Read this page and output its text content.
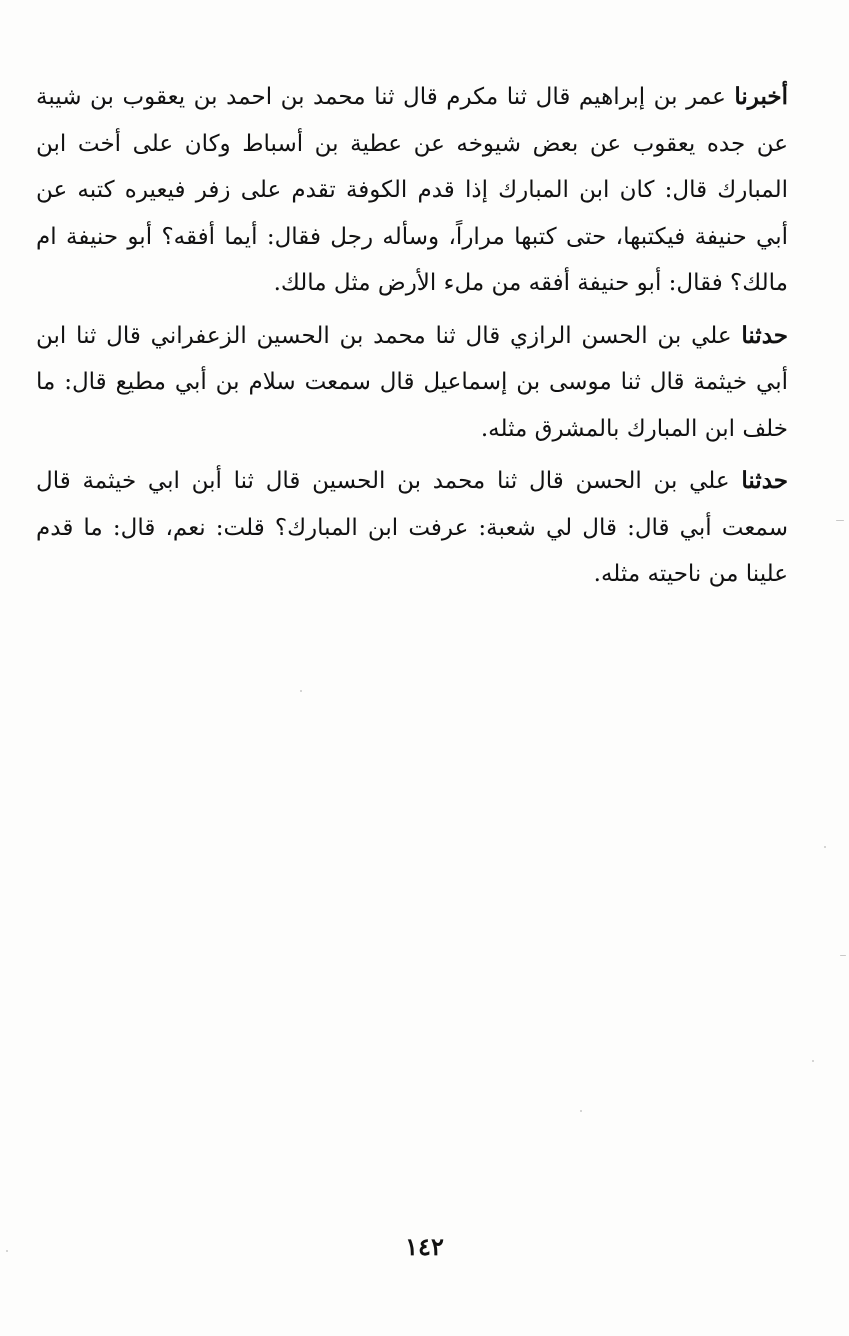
أخبرنا عمر بن إبراهيم قال ثنا مكرم قال ثنا محمد بن احمد بن يعقوب بن شيبة عن جده يعقوب عن بعض شيوخه عن عطية بن أسباط وكان على أخت ابن المبارك قال: كان ابن المبارك إذا قدم الكوفة تقدم على زفر فيعيره كتبه عن أبي حنيفة فيكتبها، حتى كتبها مراراً، وسأله رجل فقال: أيما أفقه؟ أبو حنيفة ام مالك؟ فقال: أبو حنيفة أفقه من ملء الأرض مثل مالك.

حدثنا علي بن الحسن الرازي قال ثنا محمد بن الحسين الزعفراني قال ثنا ابن أبي خيثمة قال ثنا موسى بن إسماعيل قال سمعت سلام بن أبي مطيع قال: ما خلف ابن المبارك بالمشرق مثله.

حدثنا علي بن الحسن قال ثنا محمد بن الحسين قال ثنا أبن ابي خيثمة قال سمعت أبي قال: قال لي شعبة: عرفت ابن المبارك؟ قلت: نعم، قال: ما قدم علينا من ناحيته مثله.

١٤٢
